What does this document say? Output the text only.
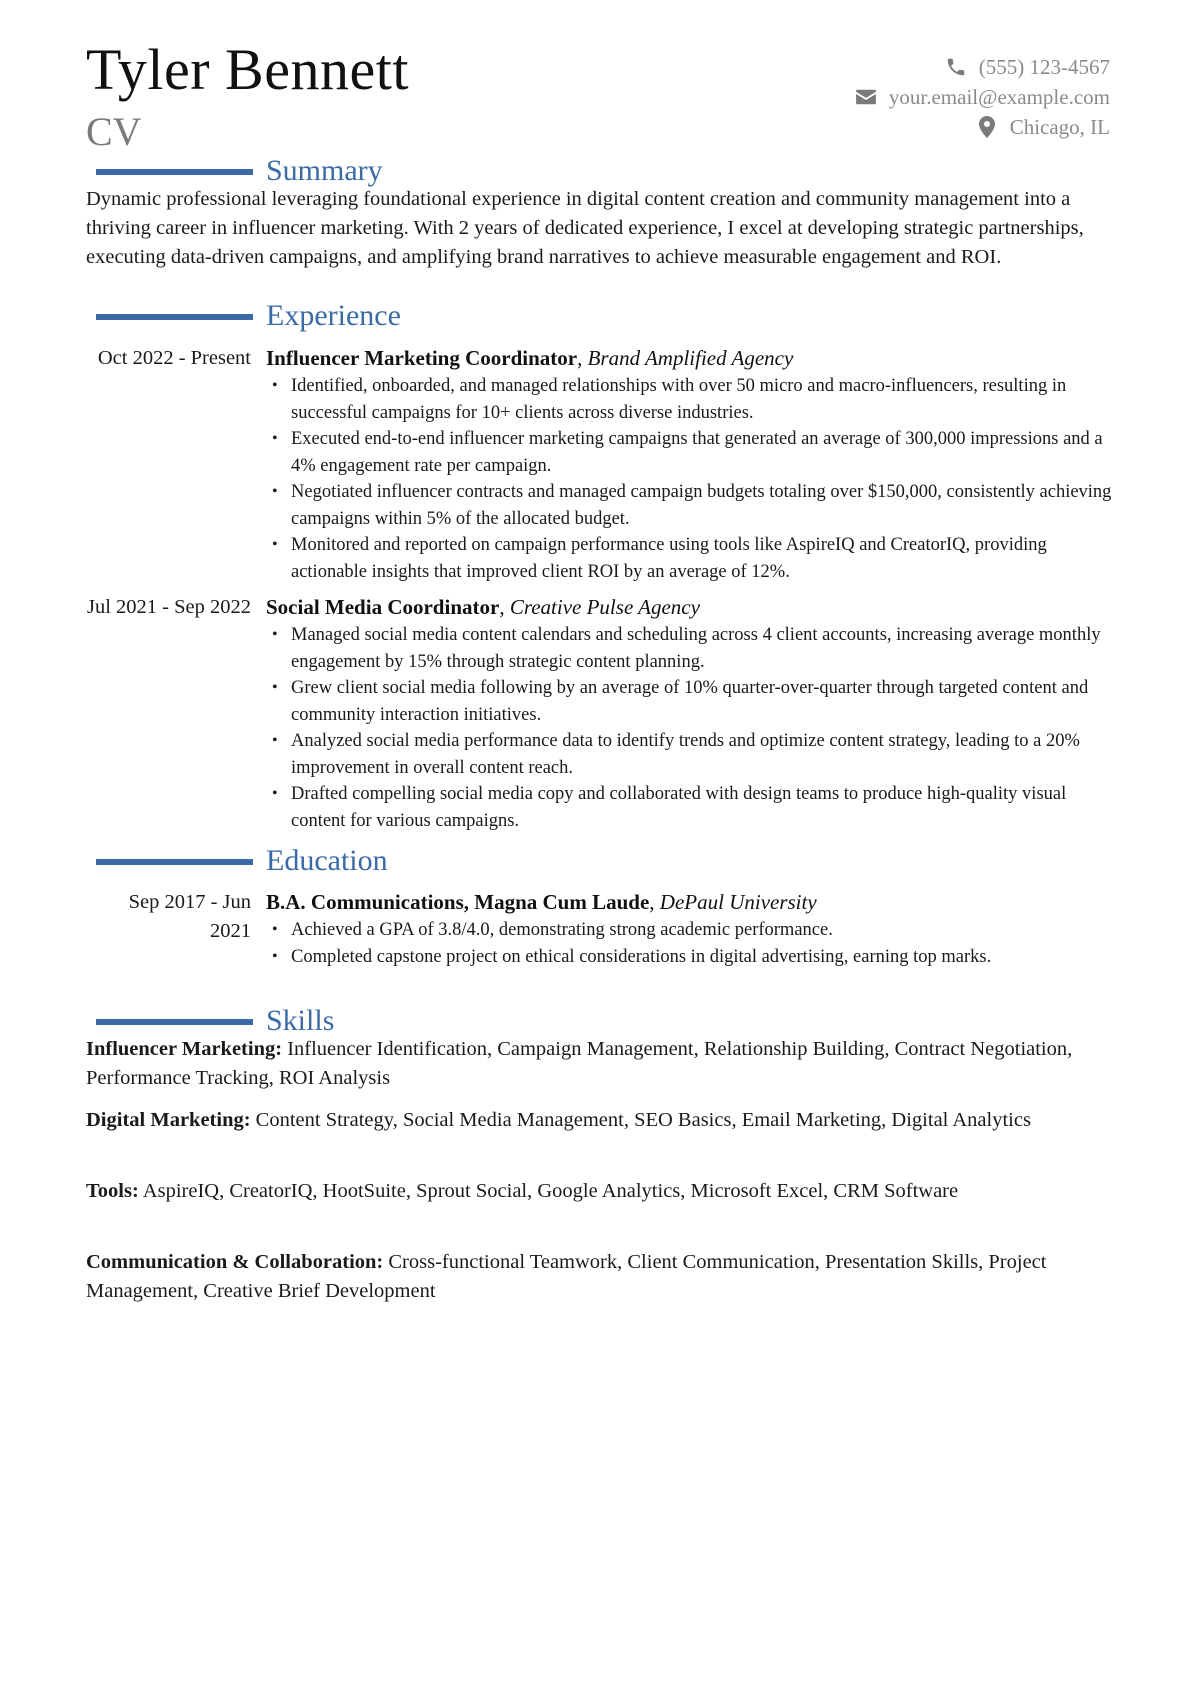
Tyler Bennett
CV
(555) 123-4567
your.email@example.com
Chicago, IL
Summary

Dynamic professional leveraging foundational experience in digital content creation and community management into a thriving career in influencer marketing. With 2 years of dedicated experience, I excel at developing strategic partnerships, executing data-driven campaigns, and amplifying brand narratives to achieve measurable engagement and ROI.

Experience
Oct 2022 - Present Influencer Marketing Coordinator, Brand Amplified Agency
• Identified, onboarded, and managed relationships with over 50 micro and macro-influencers, resulting in successful campaigns for 10+ clients across diverse industries.
• Executed end-to-end influencer marketing campaigns that generated an average of 300,000 impressions and a 4% engagement rate per campaign.
• Negotiated influencer contracts and managed campaign budgets totaling over $150,000, consistently achieving campaigns within 5% of the allocated budget.
• Monitored and reported on campaign performance using tools like AspireIQ and CreatorIQ, providing actionable insights that improved client ROI by an average of 12%.
Jul 2021 - Sep 2022 Social Media Coordinator, Creative Pulse Agency
• Managed social media content calendars and scheduling across 4 client accounts, increasing average monthly engagement by 15% through strategic content planning.
• Grew client social media following by an average of 10% quarter-over-quarter through targeted content and community interaction initiatives.
• Analyzed social media performance data to identify trends and optimize content strategy, leading to a 20% improvement in overall content reach.
• Drafted compelling social media copy and collaborated with design teams to produce high-quality visual content for various campaigns.
Education
Sep 2017 - Jun 2021
B.A. Communications, Magna Cum Laude, DePaul University
• Achieved a GPA of 3.8/4.0, demonstrating strong academic performance.
• Completed capstone project on ethical considerations in digital advertising, earning top marks.
Skills
Influencer Marketing: Influencer Identification, Campaign Management, Relationship Building, Contract Negotiation, Performance Tracking, ROI Analysis
Digital Marketing: Content Strategy, Social Media Management, SEO Basics, Email Marketing, Digital Analytics
Tools: AspireIQ, CreatorIQ, HootSuite, Sprout Social, Google Analytics, Microsoft Excel, CRM Software
Communication & Collaboration: Cross-functional Teamwork, Client Communication, Presentation Skills, Project Management, Creative Brief Development
